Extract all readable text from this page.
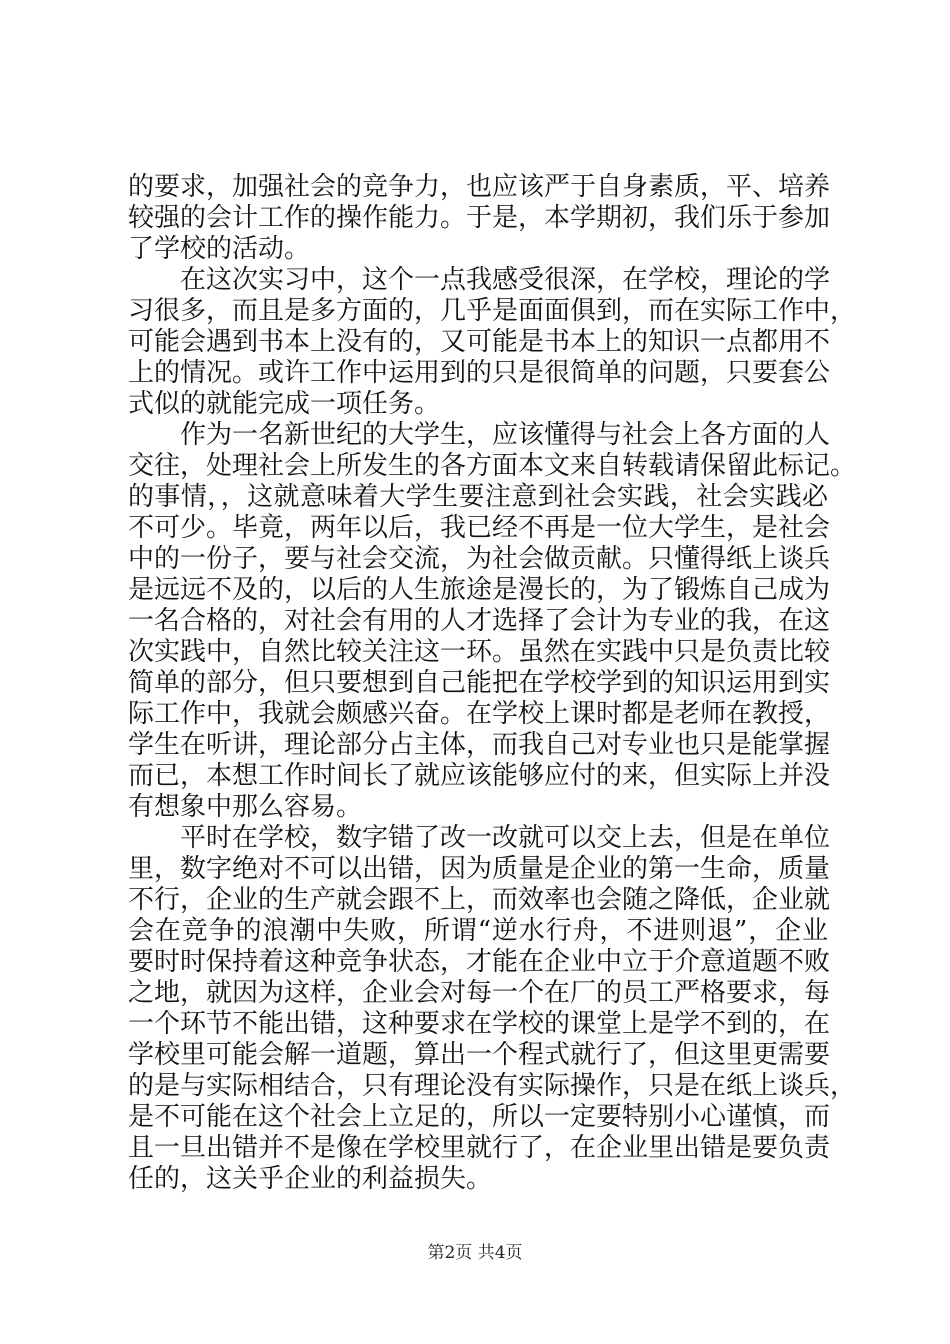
的要求，加强社会的竞争力，也应该严于自身素质，平、培养
较强的会计工作的操作能力。于是，本学期初，我们乐于参加
了学校的活动。
　　在这次实习中，这个一点我感受很深，在学校，理论的学
习很多，而且是多方面的，几乎是面面俱到，而在实际工作中，
可能会遇到书本上没有的，又可能是书本上的知识一点都用不
上的情况。或许工作中运用到的只是很简单的问题，只要套公
式似的就能完成一项任务。
　　作为一名新世纪的大学生，应该懂得与社会上各方面的人
交往，处理社会上所发生的各方面本文来自转载请保留此标记。
的事情，，这就意味着大学生要注意到社会实践，社会实践必
不可少。毕竟，两年以后，我已经不再是一位大学生，是社会
中的一份子，要与社会交流，为社会做贡献。只懂得纸上谈兵
是远远不及的，以后的人生旅途是漫长的，为了锻炼自己成为
一名合格的，对社会有用的人才选择了会计为专业的我，在这
次实践中，自然比较关注这一环。虽然在实践中只是负责比较
简单的部分，但只要想到自己能把在学校学到的知识运用到实
际工作中，我就会颇感兴奋。在学校上课时都是老师在教授，
学生在听讲，理论部分占主体，而我自己对专业也只是能掌握
而已，本想工作时间长了就应该能够应付的来，但实际上并没
有想象中那么容易。
　　平时在学校，数字错了改一改就可以交上去，但是在单位
里，数字绝对不可以出错，因为质量是企业的第一生命，质量
不行，企业的生产就会跟不上，而效率也会随之降低，企业就
会在竞争的浪潮中失败，所谓“逆水行舟，不进则退”，企业
要时时保持着这种竞争状态，才能在企业中立于介意道题不败
之地，就因为这样，企业会对每一个在厂的员工严格要求，每
一个环节不能出错，这种要求在学校的课堂上是学不到的，在
学校里可能会解一道题，算出一个程式就行了，但这里更需要
的是与实际相结合，只有理论没有实际操作，只是在纸上谈兵，
是不可能在这个社会上立足的，所以一定要特别小心谨慎，而
且一旦出错并不是像在学校里就行了，在企业里出错是要负责
任的，这关乎企业的利益损失。
第2页 共4页
